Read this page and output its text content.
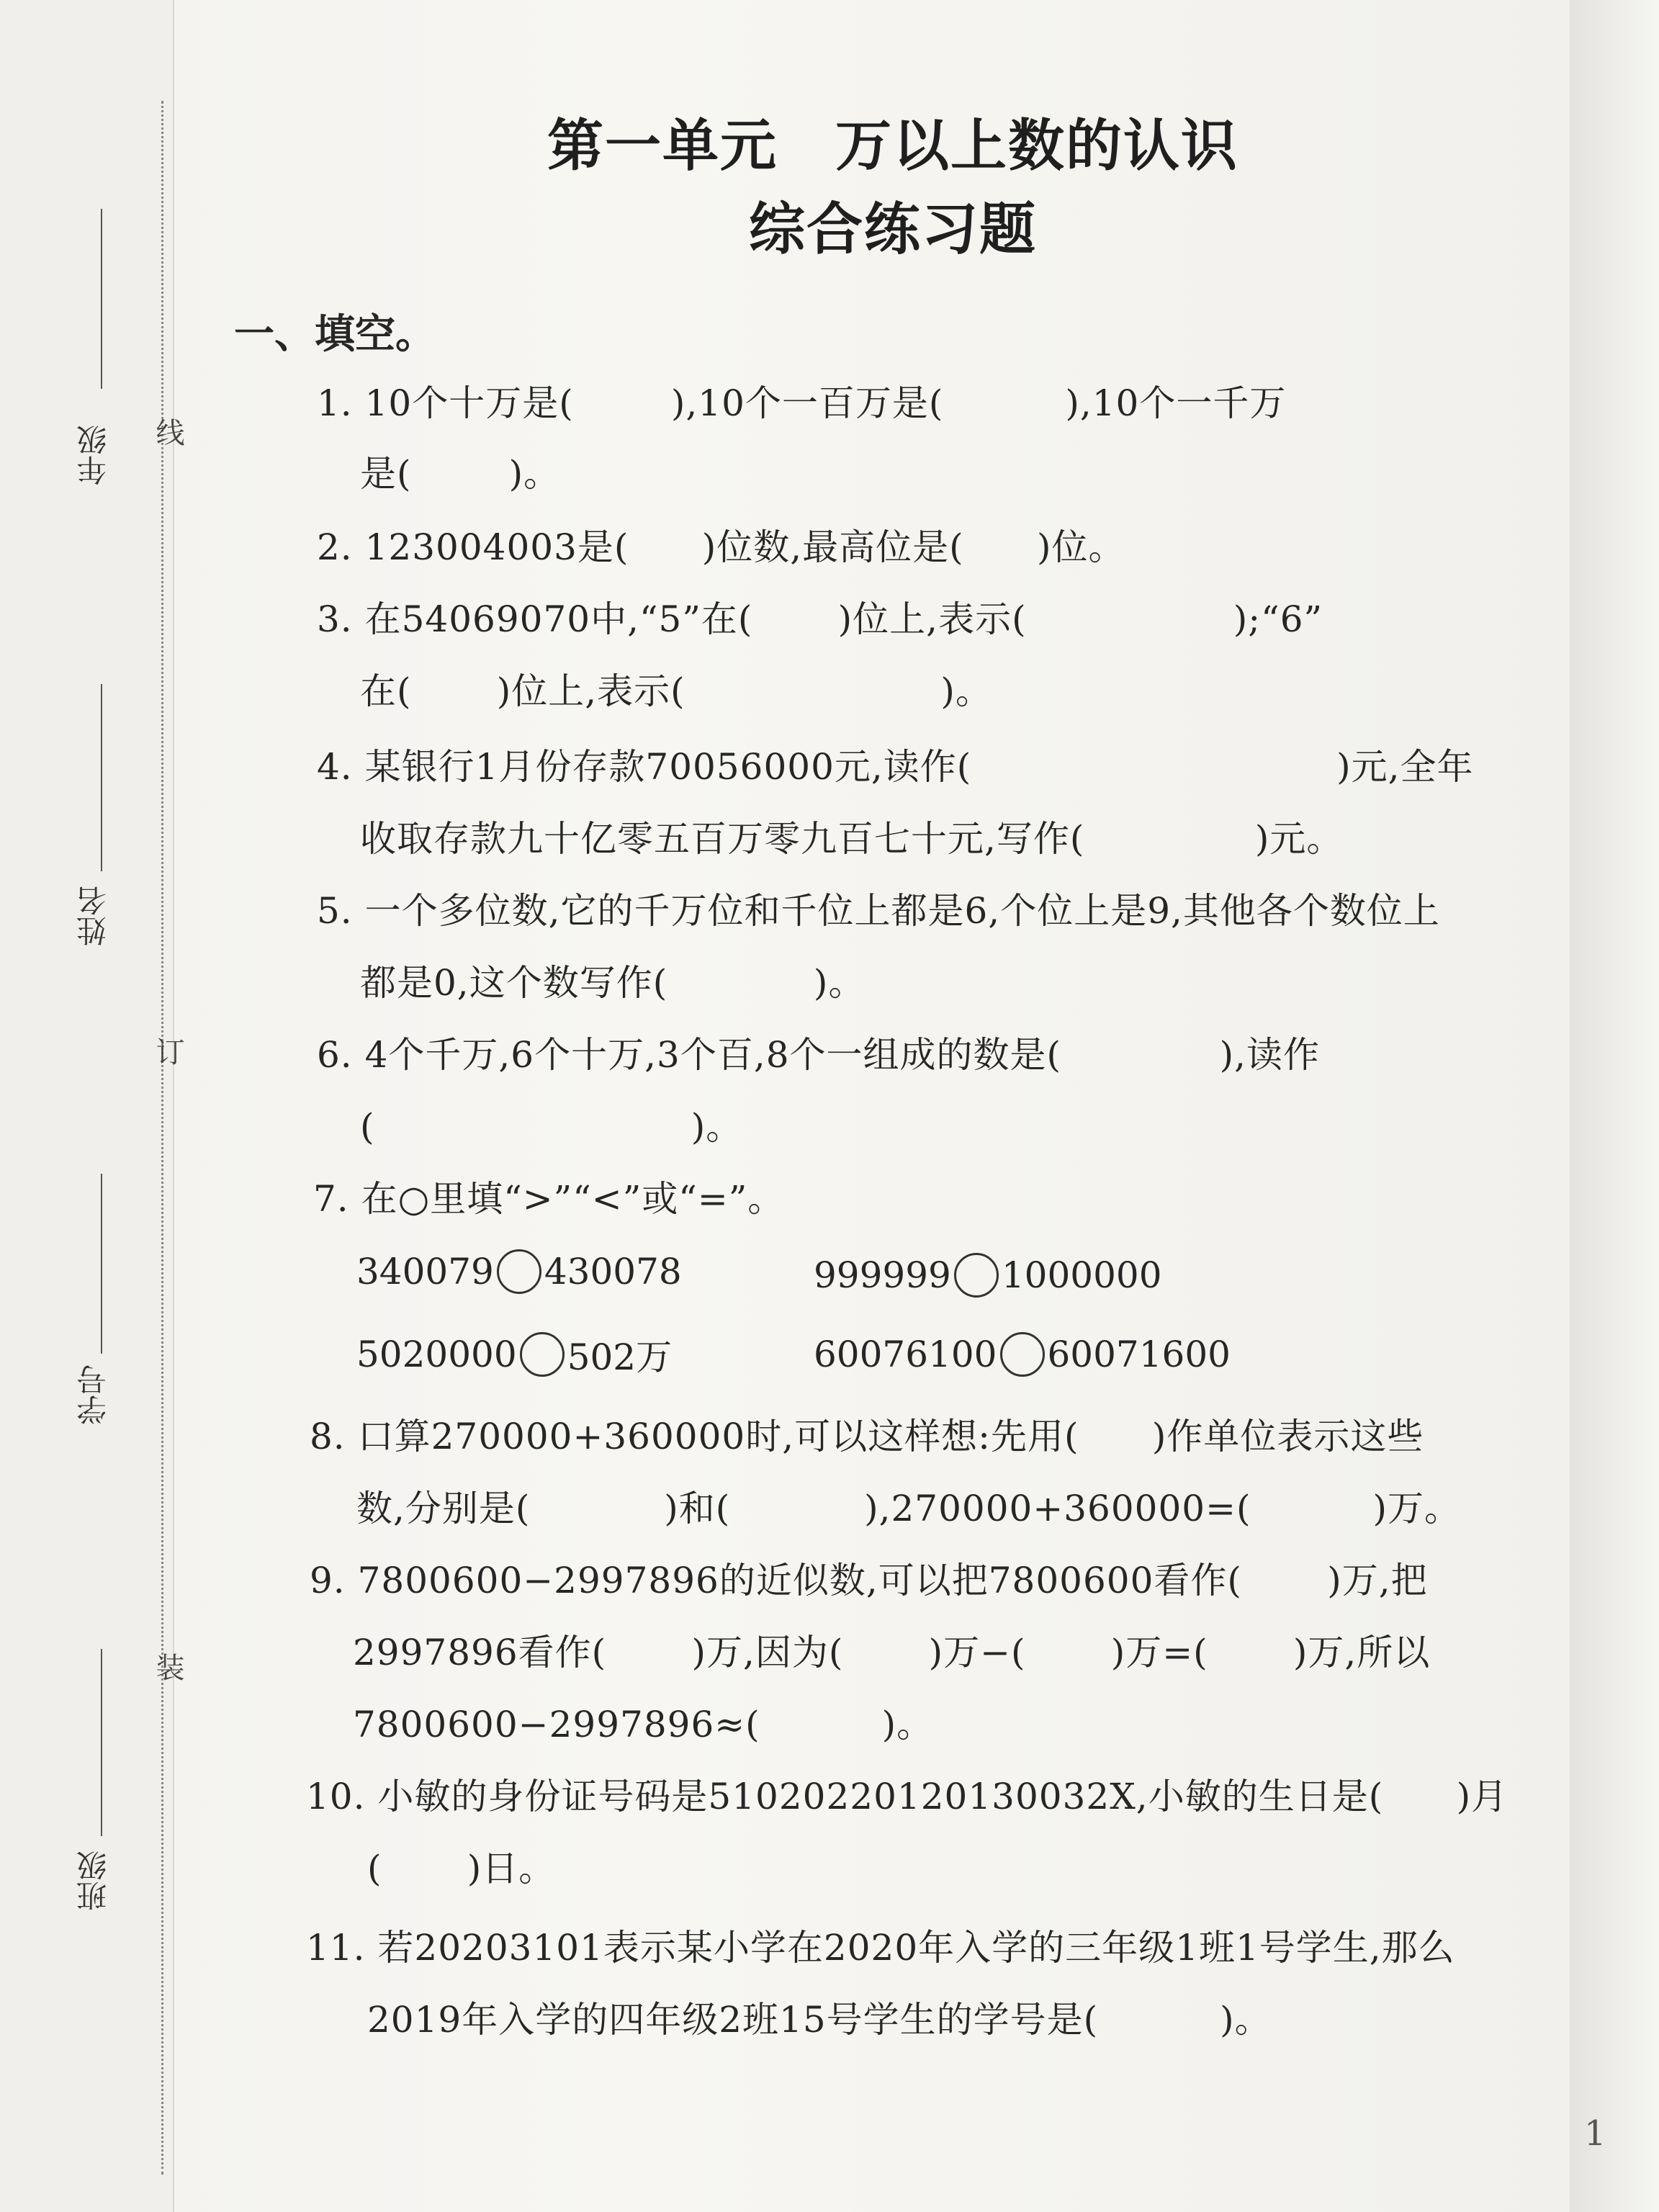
年级
姓名
学号
班级
线
订
装
第一单元　万以上数的认识
综合练习题
一、填空。
1. 10个十万是(        ),10个一百万是(          ),10个一千万
是(        )。
2. 123004003是(      )位数,最高位是(      )位。
3. 在54069070中,“5”在(       )位上,表示(                 );“6”
在(       )位上,表示(                     )。
4. 某银行1月份存款70056000元,读作(                              )元,全年
收取存款九十亿零五百万零九百七十元,写作(              )元。
5. 一个多位数,它的千万位和千位上都是6,个位上是9,其他各个数位上
都是0,这个数写作(            )。
6. 4个千万,6个十万,3个百,8个一组成的数是(             ),读作
(                          )。
7. 在○里填“>”“<”或“=”。
340079 430078	999999 1000000
5020000 502万	60076100 60071600
8. 口算270000+360000时,可以这样想:先用(      )作单位表示这些
数,分别是(           )和(           ),270000+360000=(          )万。
9. 7800600−2997896的近似数,可以把7800600看作(       )万,把
2997896看作(       )万,因为(       )万−(       )万=(       )万,所以
7800600−2997896≈(          )。
10. 小敏的身份证号码是51020220120130032X,小敏的生日是(      )月
(       )日。
11. 若20203101表示某小学在2020年入学的三年级1班1号学生,那么
2019年入学的四年级2班15号学生的学号是(          )。
1
